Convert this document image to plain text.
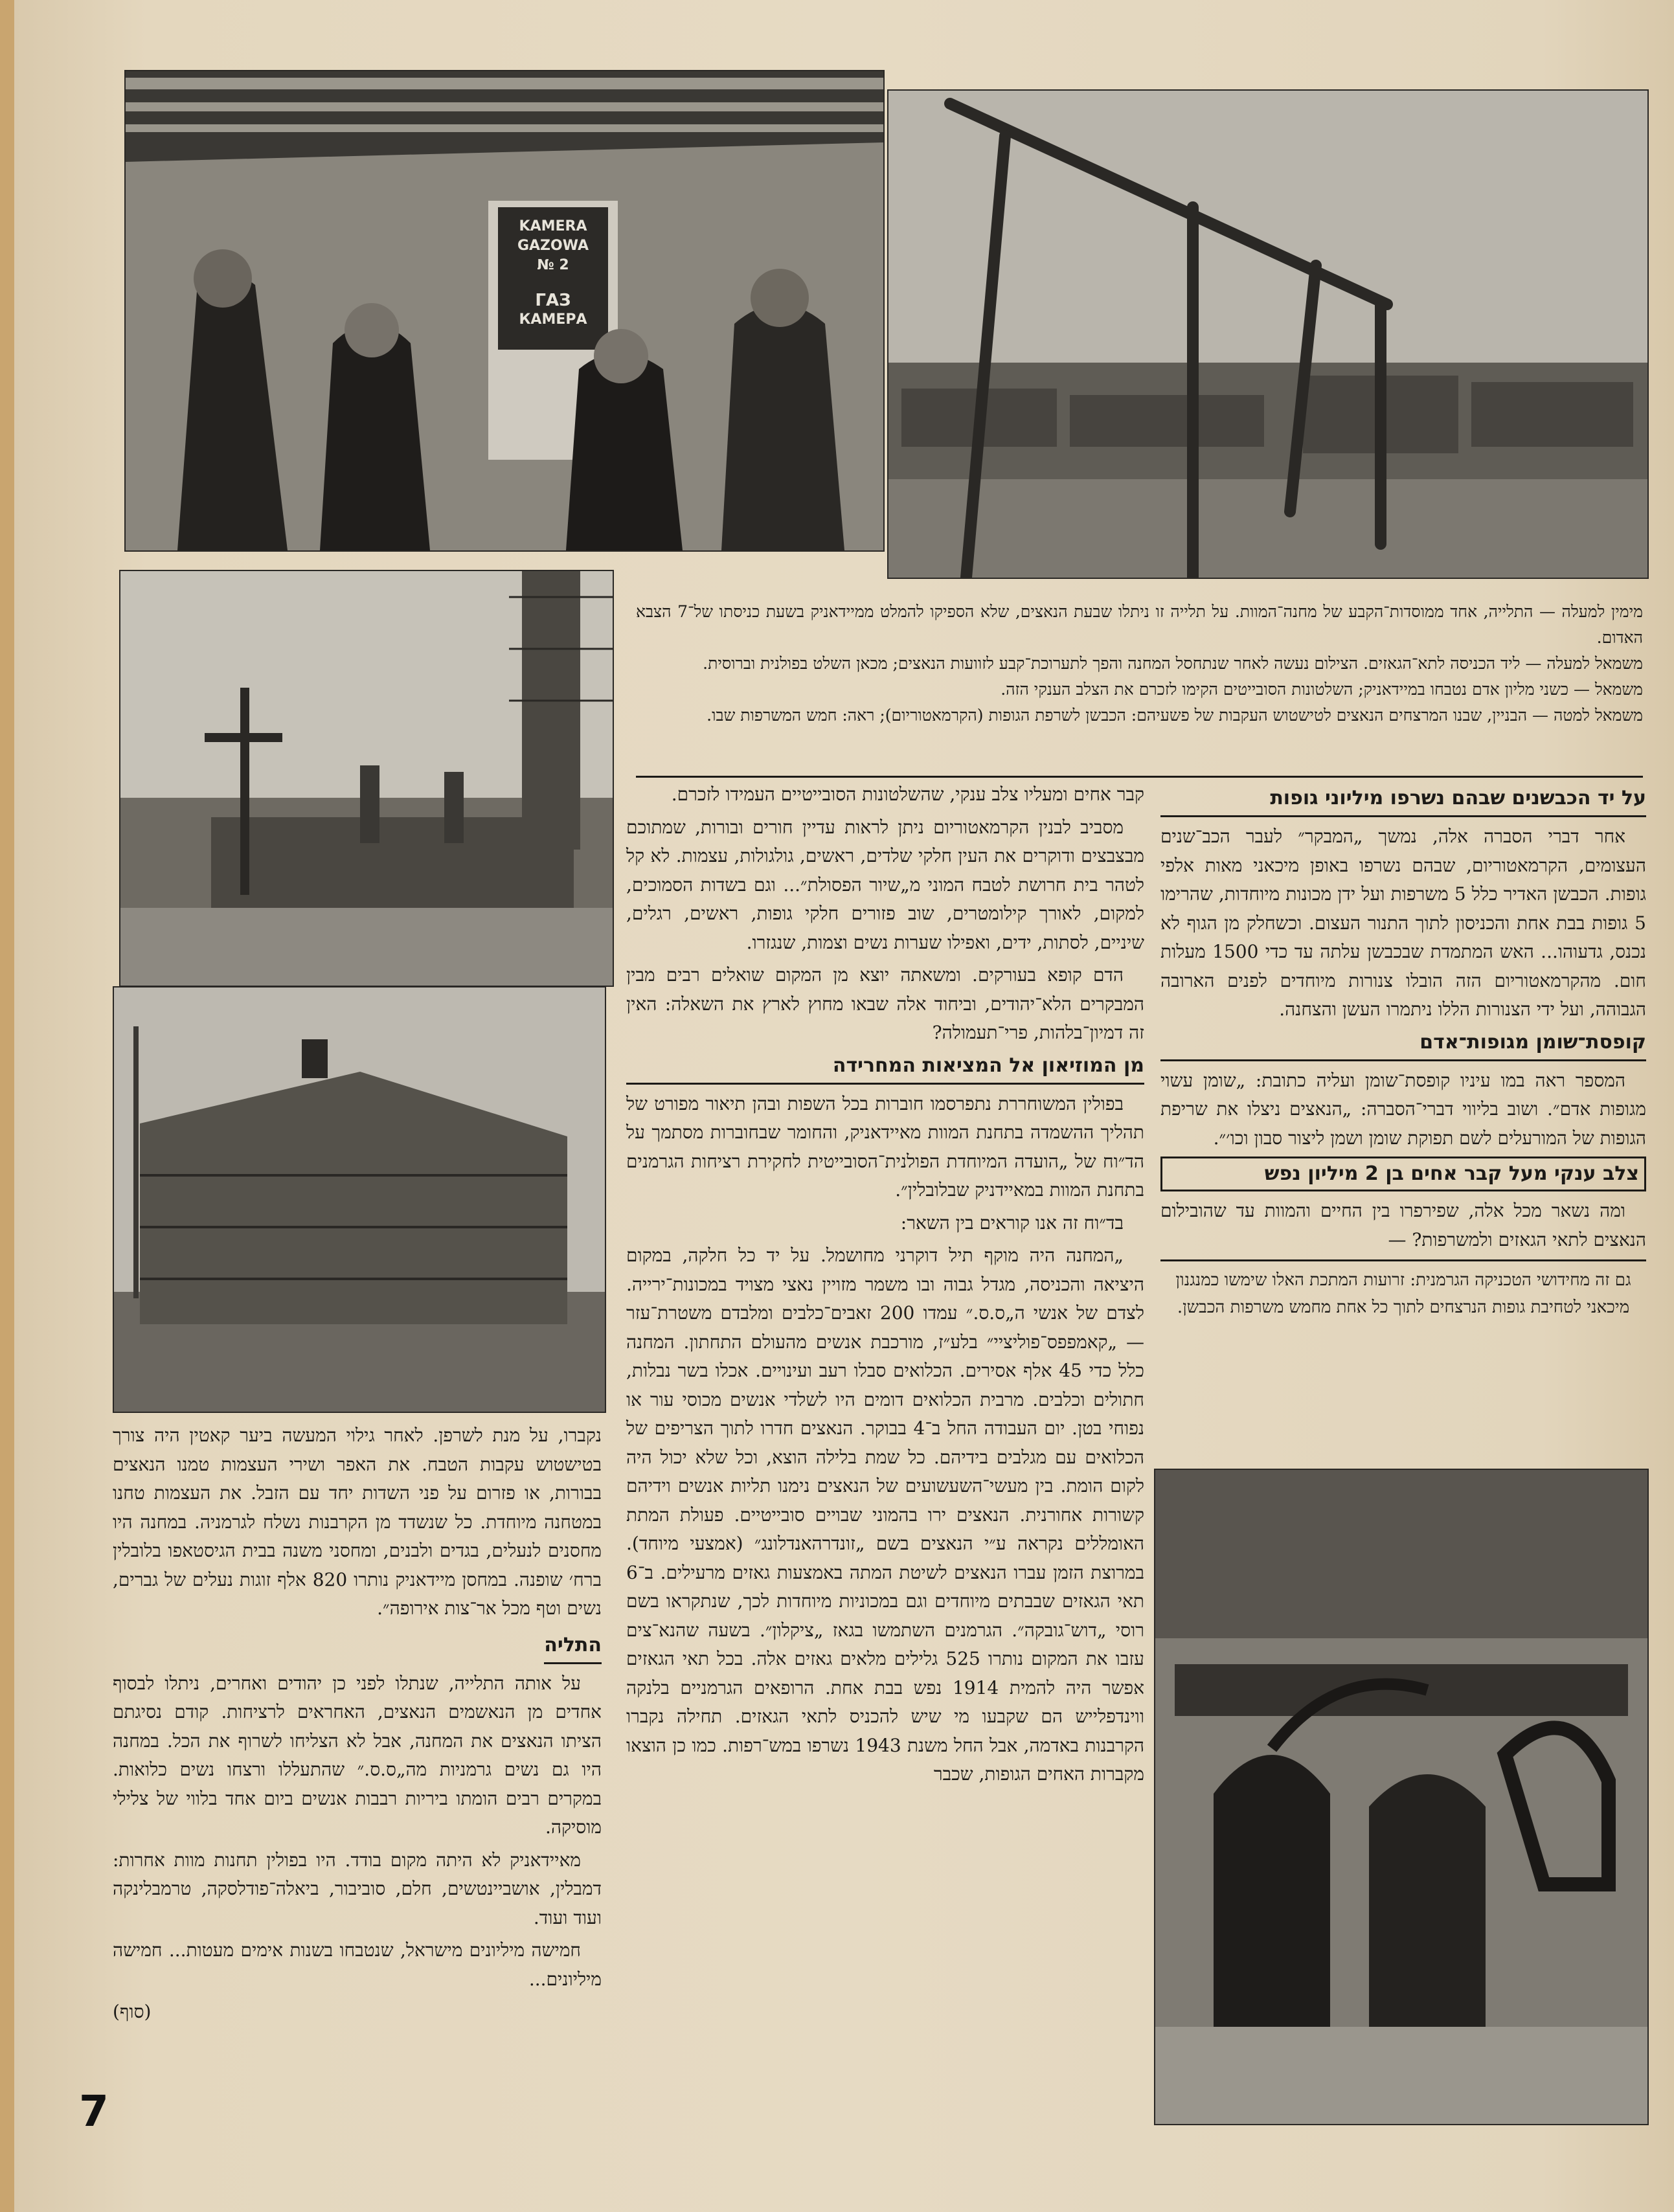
KAMERA
GAZOWA
№ 2
ГАЗ
КАМЕРА

מימין למעלה — התלייה, אחד ממוסדות־הקבע של מחנה־המוות. על תלייה זו ניתלו שבעת הנאצים, שלא הספיקו להמלט ממיידאניק בשעת כניסתו של־7 הצבא האדום.

משמאל למעלה — ליד הכניסה לתא־הגאזים. הצילום נעשה לאחר שנתחסל המחנה והפך לתערוכת־קבע לזוועות הנאצים; מכאן השלט בפולנית וברוסית.

משמאל — כשני מליון אדם נטבחו במיידאניק; השלטונות הסובייטים הקימו לזכרם את הצלב הענקי הזה.

משמאל למטה — הבניין, שבנו המרצחים הנאצים לטישטוש העקבות של פשעיהם: הכבשן לשרפת הגופות (הקרמאטוריום); ראה: חמש המשרפות שבו.

על יד הכבשנים שבהם נשרפו מיליוני גופות

אחר דברי הסברה אלה, נמשך „המבקר״ לעבר הכב־שנים העצומים, הקרמאטוריום, שבהם נשרפו באופן מיכאני מאות אלפי גופות. הכבשן האדיר כלל 5 משרפות ועל ידן מכונות מיוחדות, שהרימו 5 גופות בבת אחת והכניסון לתוך התנור העצום. וכשחלק מן הגוף לא נכנס, גדעוהו... האש המתמדת שבכבשן עלתה עד כדי 1500 מעלות חום. מהקרמאטוריום הזה הובלו צנורות מיוחדים לפנים הארובה הגבוהה, ועל ידי הצנורות הללו ניתמרו העשן והצחנה.

קופסת־שומן מגופות־אדם

המספר ראה במו עיניו קופסת־שומן ועליה כתובת: „שומן עשוי מגופות אדם״. ושוב בליווי דברי־הסברה: „הנאצים ניצלו את שריפת הגופות של המורעלים לשם תפוקת שומן ושמן ליצור סבון וכו׳״.

צלב ענקי מעל קבר אחים בן 2 מיליון נפש

ומה נשאר מכל אלה, שפירפרו בין החיים והמוות עד שהובילום הנאצים לתאי הגאזים ולמשרפות? —

גם זה מחידושי הטכניקה הגרמנית: זרועות המתכת האלו שימשו כמנגנון מיכאני לטחיבת גופות הנרצחים לתוך כל אחת מחמש משרפות הכבשן.

קבר אחים ומעליו צלב ענקי, שהשלטונות הסובייטיים העמידו לזכרם.

מסביב לבנין הקרמאטוריום ניתן לראות עדיין חורים ובורות, שמתוכם מבצבצים ודוקרים את העין חלקי שלדים, ראשים, גולגולות, עצמות. לא קל לטהר בית חרושת לטבח המוני מ„שיור הפסולת״... וגם בשדות הסמוכים, למקום, לאורך קילומטרים, שוב פזורים חלקי גופות, ראשים, רגלים, שיניים, לסתות, ידים, ואפילו שערות נשים וצמות, שנגזרו.

הדם קופא בעורקים. ומשאתה יוצא מן המקום שואלים רבים מבין המבקרים הלא־יהודים, וביחוד אלה שבאו מחוץ לארץ את השאלה: האין זה דמיון־בלהות, פרי־תעמולה?

מן המוזיאון אל המציאות המחרידה

בפולין המשוחררת נתפרסמו חוברות בכל השפות ובהן תיאור מפורט של תהליך ההשמדה בתחנת המוות מאיידאניק, והחומר שבחוברות מסתמך על הד״וח של „הועדה המיוחדת הפולנית־הסובייטית לחקירת רציחות הגרמנים בתחנת המוות במאיידניק שבלובלין״.

בד״וח זה אנו קוראים בין השאר:

„המחנה היה מוקף תיל דוקרני מחושמל. על יד כל חלקה, במקום היציאה והכניסה, מגדל גבוה ובו משמר מזויין נאצי מצויד במכונות־ירייה. לצדם של אנשי ה„ס.ס.״ עמדו 200 זאבים־כלבים ומלבדם משטרת־עזר — „קאמפפס־פוליציי״ בלע״ז, מורכבת אנשים מהעולם התחתון. המחנה כלל כדי 45 אלף אסירים. הכלואים סבלו רעב ועינויים. אכלו בשר נבלות, חתולים וכלבים. מרבית הכלואים דומים היו לשלדי אנשים מכוסי עור או נפוחי בטן. יום העבודה החל ב־4 בבוקר. הנאצים חדרו לתוך הצריפים של הכלואים עם מגלבים בידיהם. כל שמת בלילה הוצא, וכל שלא יכול היה לקום הומת. בין מעשי־השעשועים של הנאצים נימנו תליות אנשים וידיהם קשורות אחורנית. הנאצים ירו בהמוני שבויים סובייטיים. פעולת המתת האומללים נקראה ע״י הנאצים בשם „זונדרהאנדלונג״ (אמצעי מיוחד). במרוצת הזמן עברו הנאצים לשיטת המתה באמצעות גאזים מרעילים. ב־6 תאי הגאזים שבבתים מיוחדים וגם במכוניות מיוחדות לכך, שנתקראו בשם רוסי „דוש־גובקה״. הגרמנים השתמשו בגאז „ציקלון״. בשעה שהנא־צים עזבו את המקום נותרו 525 גלילים מלאים גאזים אלה. בכל תאי הגאזים אפשר היה להמית 1914 נפש בבת אחת. הרופאים הגרמניים בלנקה ווינדפלייש הם שקבעו מי שיש להכניס לתאי הגאזים. תחילה נקברו הקרבנות באדמה, אבל החל משנת 1943 נשרפו במש־רפות. כמו כן הוצאו מקברות האחים הגופות, שכבר

נקברו, על מנת לשרפן. לאחר גילוי המעשה ביער קאטין היה צורך בטישטוש עקבות הטבח. את האפר ושירי העצמות טמנו הנאצים בבורות, או פזרום על פני השדות יחד עם הזבל. את העצמות טחנו במטחנה מיוחדת. כל שנשדד מן הקרבנות נשלח לגרמניה. במחנה היו מחסנים לנעלים, בגדים ולבנים, ומחסני משנה בבית הגיסטאפו בלובלין ברח׳ שופנה. במחסן מיידאניק נותרו 820 אלף זוגות נעלים של גברים, נשים וטף מכל אר־צות אירופה״.

התליה

על אותה התלייה, שנתלו לפני כן יהודים ואחרים, ניתלו לבסוף אחדים מן הנאשמים הנאצים, האחראים לרציחות. קודם נסיגתם הציתו הנאצים את המחנה, אבל לא הצליחו לשרוף את הכל. במחנה היו גם נשים גרמניות מה„ס.ס.״ שהתעללו ורצחו נשים כלואות. במקרים רבים הומתו ביריות רבבות אנשים ביום אחד בלווי של צלילי מוסיקה.

מאיידאניק לא היתה מקום בודד. היו בפולין תחנות מוות אחרות: דמבלין, אושביינטשים, חלם, סוביבור, ביאלה־פודלסקה, טרמבלינקה ועוד ועוד.

חמישה מיליונים מישראל, שנטבחו בשנות אימים מעטות... חמישה מיליונים...

(סוף)
7
